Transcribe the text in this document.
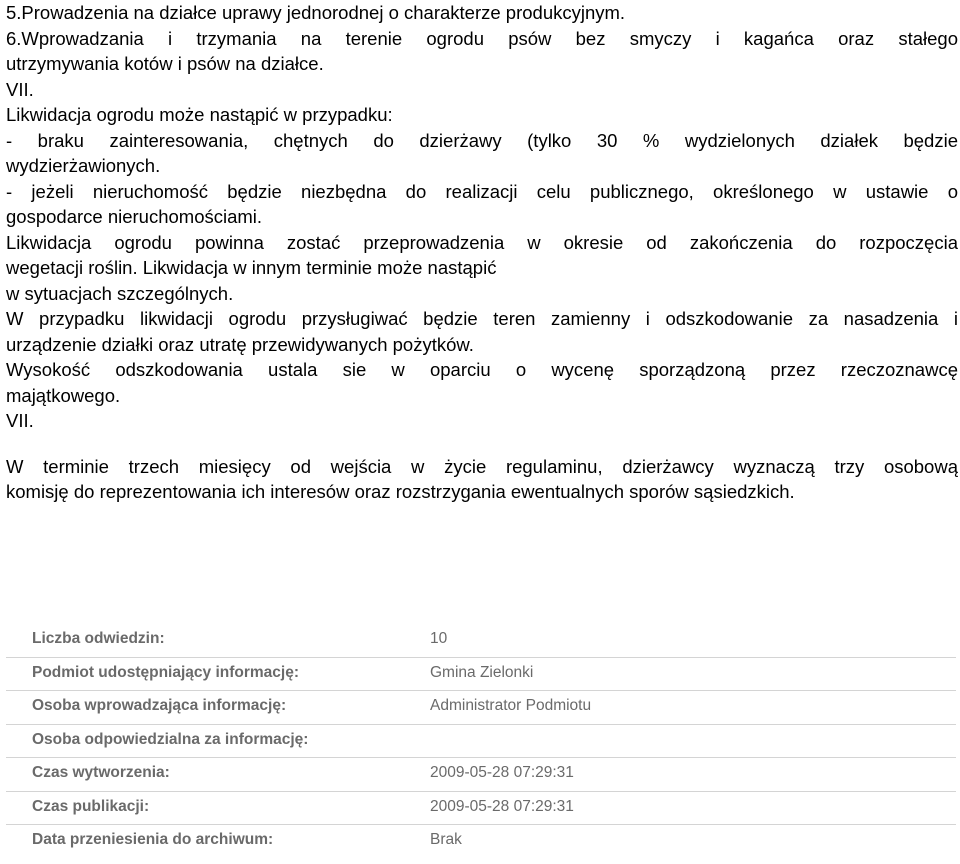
5.Prowadzenia na działce uprawy jednorodnej o charakterze produkcyjnym.
6.Wprowadzania i trzymania na terenie ogrodu psów bez smyczy i kagańca oraz stałego
utrzymywania kotów i psów na działce.
VII.
Likwidacja ogrodu może nastąpić w przypadku:
- braku zainteresowania, chętnych do dzierżawy (tylko 30 % wydzielonych działek będzie
wydzierżawionych.
- jeżeli nieruchomość będzie niezbędna do realizacji celu publicznego, określonego w ustawie o
gospodarce nieruchomościami.
Likwidacja ogrodu powinna zostać przeprowadzenia w okresie od zakończenia do rozpoczęcia
wegetacji roślin. Likwidacja w innym terminie może nastąpić
w sytuacjach szczególnych.
W przypadku likwidacji ogrodu przysługiwać będzie teren zamienny i odszkodowanie za nasadzenia i
urządzenie działki oraz utratę przewidywanych pożytków.
Wysokość odszkodowania ustala sie w oparciu o wycenę sporządzoną przez rzeczoznawcę
majątkowego.
VII.
W terminie trzech miesięcy od wejścia w życie regulaminu, dzierżawcy wyznaczą trzy osobową
komisję do reprezentowania ich interesów oraz rozstrzygania ewentualnych sporów sąsiedzkich.
Liczba odwiedzin:	10
Podmiot udostępniający informację:	Gmina Zielonki
Osoba wprowadzająca informację:	Administrator Podmiotu
Osoba odpowiedzialna za informację:
Czas wytworzenia:	2009-05-28 07:29:31
Czas publikacji:	2009-05-28 07:29:31
Data przeniesienia do archiwum:	Brak
